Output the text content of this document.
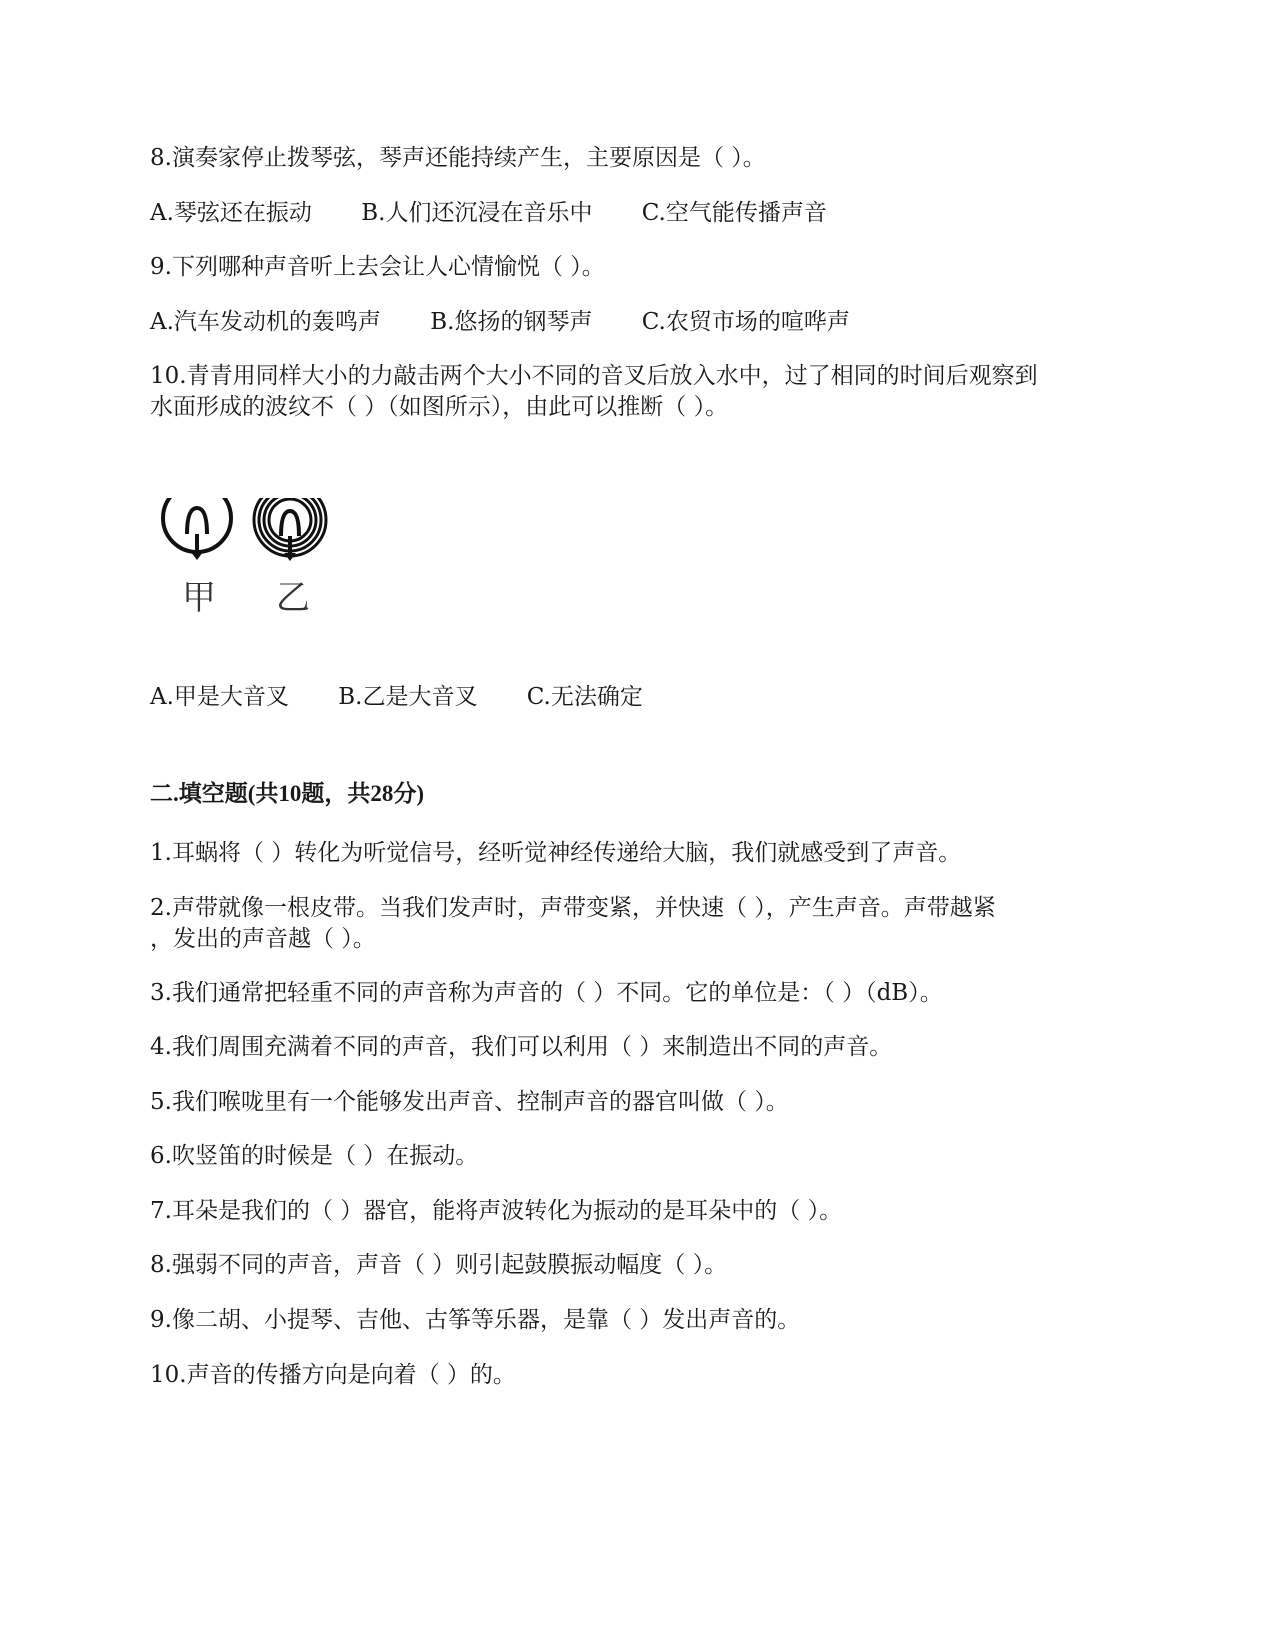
8.演奏家停止拨琴弦，琴声还能持续产生，主要原因是（ ）。
A.琴弦还在振动 B.人们还沉浸在音乐中 C.空气能传播声音
9.下列哪种声音听上去会让人心情愉悦（ ）。
A.汽车发动机的轰鸣声 B.悠扬的钢琴声 C.农贸市场的喧哗声
10.青青用同样大小的力敲击两个大小不同的音叉后放入水中，过了相同的时间后观察到
水面形成的波纹不（ ）（如图所示），由此可以推断（ ）。
甲 乙
A.甲是大音叉 B.乙是大音叉 C.无法确定
二.填空题(共10题，共28分)
1.耳蜗将（ ）转化为听觉信号，经听觉神经传递给大脑，我们就感受到了声音。
2.声带就像一根皮带。当我们发声时，声带变紧，并快速（ ），产生声音。声带越紧
，发出的声音越（ ）。
3.我们通常把轻重不同的声音称为声音的（ ）不同。它的单位是：（ ）（dB）。
4.我们周围充满着不同的声音，我们可以利用（ ）来制造出不同的声音。
5.我们喉咙里有一个能够发出声音、控制声音的器官叫做（ ）。
6.吹竖笛的时候是（ ）在振动。
7.耳朵是我们的（ ）器官，能将声波转化为振动的是耳朵中的（ ）。
8.强弱不同的声音，声音（ ）则引起鼓膜振动幅度（ ）。
9.像二胡、小提琴、吉他、古筝等乐器，是靠（ ）发出声音的。
10.声音的传播方向是向着（ ）的。
